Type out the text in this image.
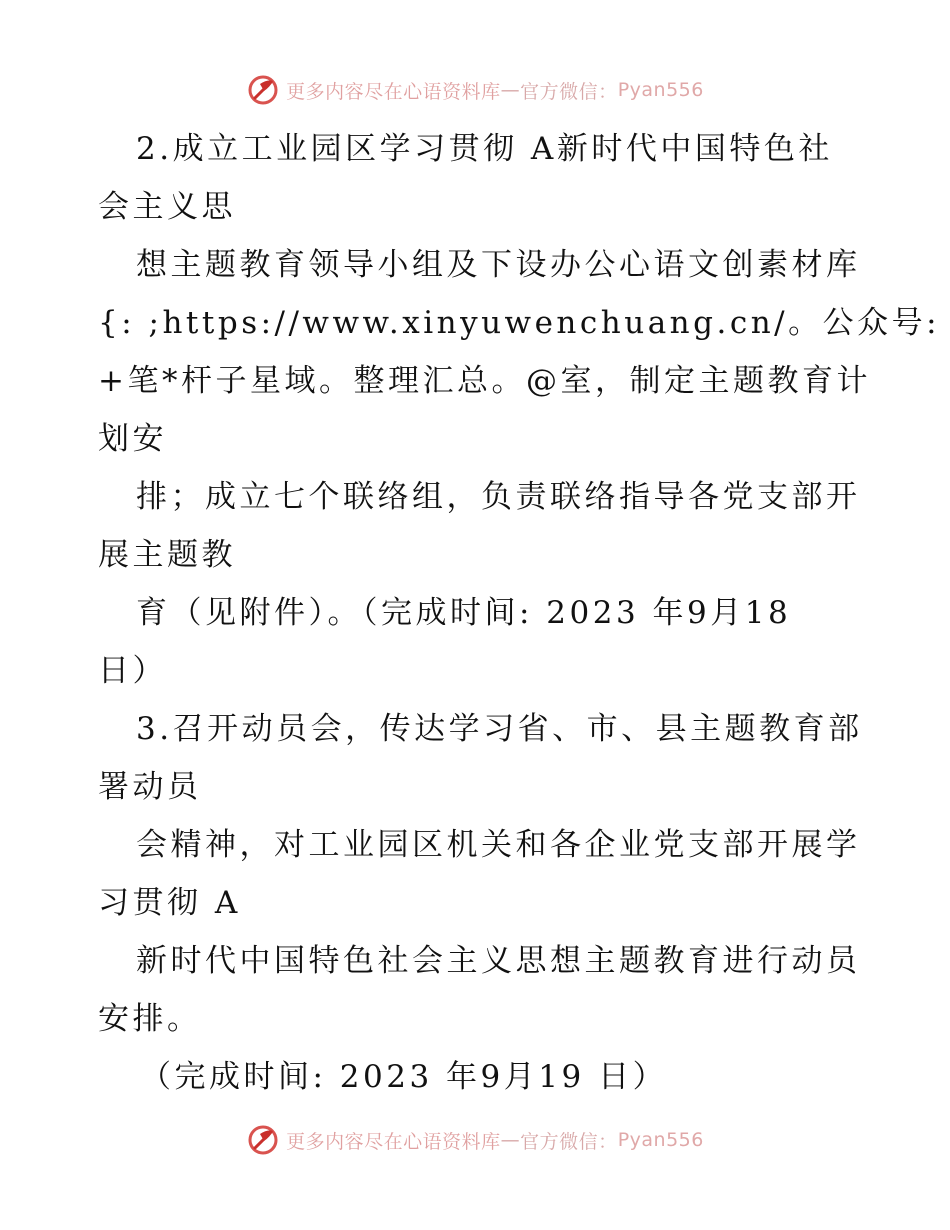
更多内容尽在心语资料库 — 官方微信： Pyan556
2.成立工业园区学习贯彻 A新时代中国特色社
会主义思
想主题教育领导小组及下设办公心语文创素材库
{: ;https://www.xinyuwenchuang.cn/。公众号:
+笔*杆子星域。整理汇总。@室，制定主题教育计
划安
排；成立七个联络组，负责联络指导各党支部开
展主题教
育（见附件）。（完成时间: 2023 年9月18
日）
3.召开动员会，传达学习省、市、县主题教育部
署动员
会精神，对工业园区机关和各企业党支部开展学
习贯彻 A
新时代中国特色社会主义思想主题教育进行动员
安排。
（完成时间: 2023 年9月19 日）
更多内容尽在心语资料库 — 官方微信： Pyan556
